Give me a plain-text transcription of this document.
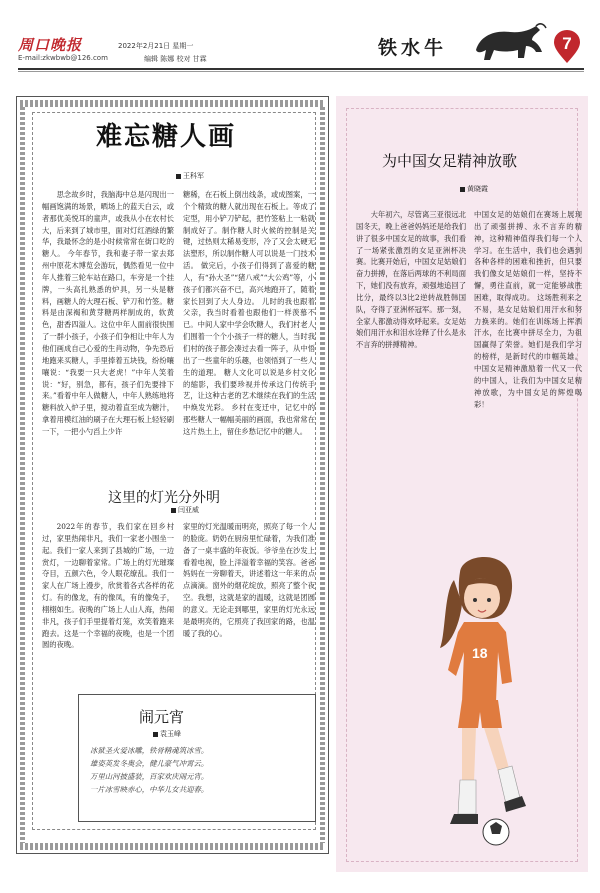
周口晚报	2022年2月21日 星期一
E-mail:zkwbwb@126.com	编辑 陈娜 校对 甘霖	铁水牛	7
难忘糖人画
王科军
思念故乡时，我脑海中总是闪现出一幅画饱满的场景，晒场上的蓝天白云，或者那优美悦耳的童声，或我从小在农村长大，后来到了城市里，面对灯红酒绿的繁华，我最怀念的是小时候常常在街口吃的糖人。 今年春节，我和妻子带一家去郑州中原花木博览会游玩，偶然看见一位中年人推着三轮车站在路口，车旁是一个挂牌，一头高扎熟悉的炉具，另一头是糖料，画糖人的大理石板、铲刀和竹签。糖料是由深褐和黄芽糖两样制成的，软黄色，甜香四溢人。这位中年人面前很快围了一群小孩子，小孩子们争相让中年人为他们画成自己心爱的生肖动物，争先恐后地跑来买糖人，手里捧着五块钱，纷纷嚷嚷说：“我要一只大老虎！”中年人笑着说：“好，别急，都有，孩子们先要排下来。”看着中年人做糖人，中年人熟练地将糖料放入炉子里，搅动着直至成为糖汁，拿着用模红油的刷子在大理石板上轻轻刷一下，一把小勺舀上少许
糖稀，在石板上倒出线条，或成图案，一个个精致的糖人就出现在石板上。等成了定型，用小铲刀铲起，把竹签粘上一粘就制成好了。制作糖人时火候的控制是关键，过热则太稀易变形，冷了又会太硬无法塑形，所以制作糖人可以说是一门技术活。 做完后，小孩子们得到了喜爱的糖人，有“孙大圣”“猪八戒”“大公鸡”等，小孩子们都兴奋不已，高兴地跑开了，随着家长回到了大人身边。 儿时的我也跟着父亲，我当时看着也跟他们一样羡慕不已。中间人家中学会吹糖人，我们村老人们围着一个个小孩子一样的糖人，当时我们村的孩子都会凑过去看一阵子，从中悟出了一些童年的乐趣，也领悟到了一些人生的道理。 糖人文化可以说是乡村文化的缩影，我们要珍视并传承这门传统手艺，让这种古老的艺术继续在我们的生活中焕发光彩。 乡村在变迁中，记忆中的那些糖人一幅幅美丽的画面，我也常常在这片热土上，留住乡愁记忆中的糖人。
这里的灯光分外明
闫亚威
2022年的春节，我们家在回乡村过，家里热闹非凡，我们一家老小围坐一起。我们一家人来到了县城的广场，一边赏灯，一边聊着家常。广场上的灯光璀璨夺目，五颜六色，令人眼花缭乱。我们一家人在广场上漫步，欣赏着各式各样的花灯。有的像龙，有的像凤，有的像兔子，栩栩如生。夜晚的广场上人山人海，热闹非凡，孩子们手里提着灯笼，欢笑着跑来跑去。这是一个幸福的夜晚，也是一个团圆的夜晚。
家里的灯光温暖而明亮，照亮了每一个人的脸庞。奶奶在厨房里忙碌着，为我们准备了一桌丰盛的年夜饭。爷爷坐在沙发上看着电视，脸上洋溢着幸福的笑容。爸爸妈妈在一旁聊着天，讲述着这一年来的点点滴滴。窗外的烟花绽放，照亮了整个夜空。我想，这就是家的温暖，这就是团圆的意义。无论走到哪里，家里的灯光永远是最明亮的，它照亮了我回家的路，也温暖了我的心。
闹元宵
袁玉峰
冰狱圣火爱冰雕，铁骨精魂筑冰雪。
雄姿英发冬奥会，健儿豪气冲霄云。
万里山河披盛装，百家欢庆闹元宵。
一片冰雪映赤心，中华儿女共迎春。
为中国女足精神放歌
黄晓霞
大年初六，尽管离三亚很远北国冬天，晚上爸爸妈妈还是给我们讲了很多中国女足的故事，我们看了一场紧张激烈的女足亚洲杯决赛。比赛开始后，中国女足姑娘们奋力拼搏，在落后两球的不利局面下，她们没有放弃，顽强地追回了比分，最终以3比2逆转战胜韩国队，夺得了亚洲杯冠军。那一刻，全家人都激动得欢呼起来。女足姑娘们用汗水和泪水诠释了什么是永不言弃的拼搏精神。
中国女足的姑娘们在赛场上展现出了顽强拼搏、永不言弃的精神，这种精神值得我们每一个人学习。在生活中，我们也会遇到各种各样的困难和挫折，但只要我们像女足姑娘们一样，坚持不懈，勇往直前，就一定能够战胜困难，取得成功。 这场胜利来之不易，是女足姑娘们用汗水和努力换来的。她们在训练场上挥洒汗水，在比赛中拼尽全力，为祖国赢得了荣誉。她们是我们学习的榜样，是新时代的巾帼英雄。 中国女足精神激励着一代又一代的中国人，让我们为中国女足精神放歌，为中国女足的辉煌喝彩！
18
